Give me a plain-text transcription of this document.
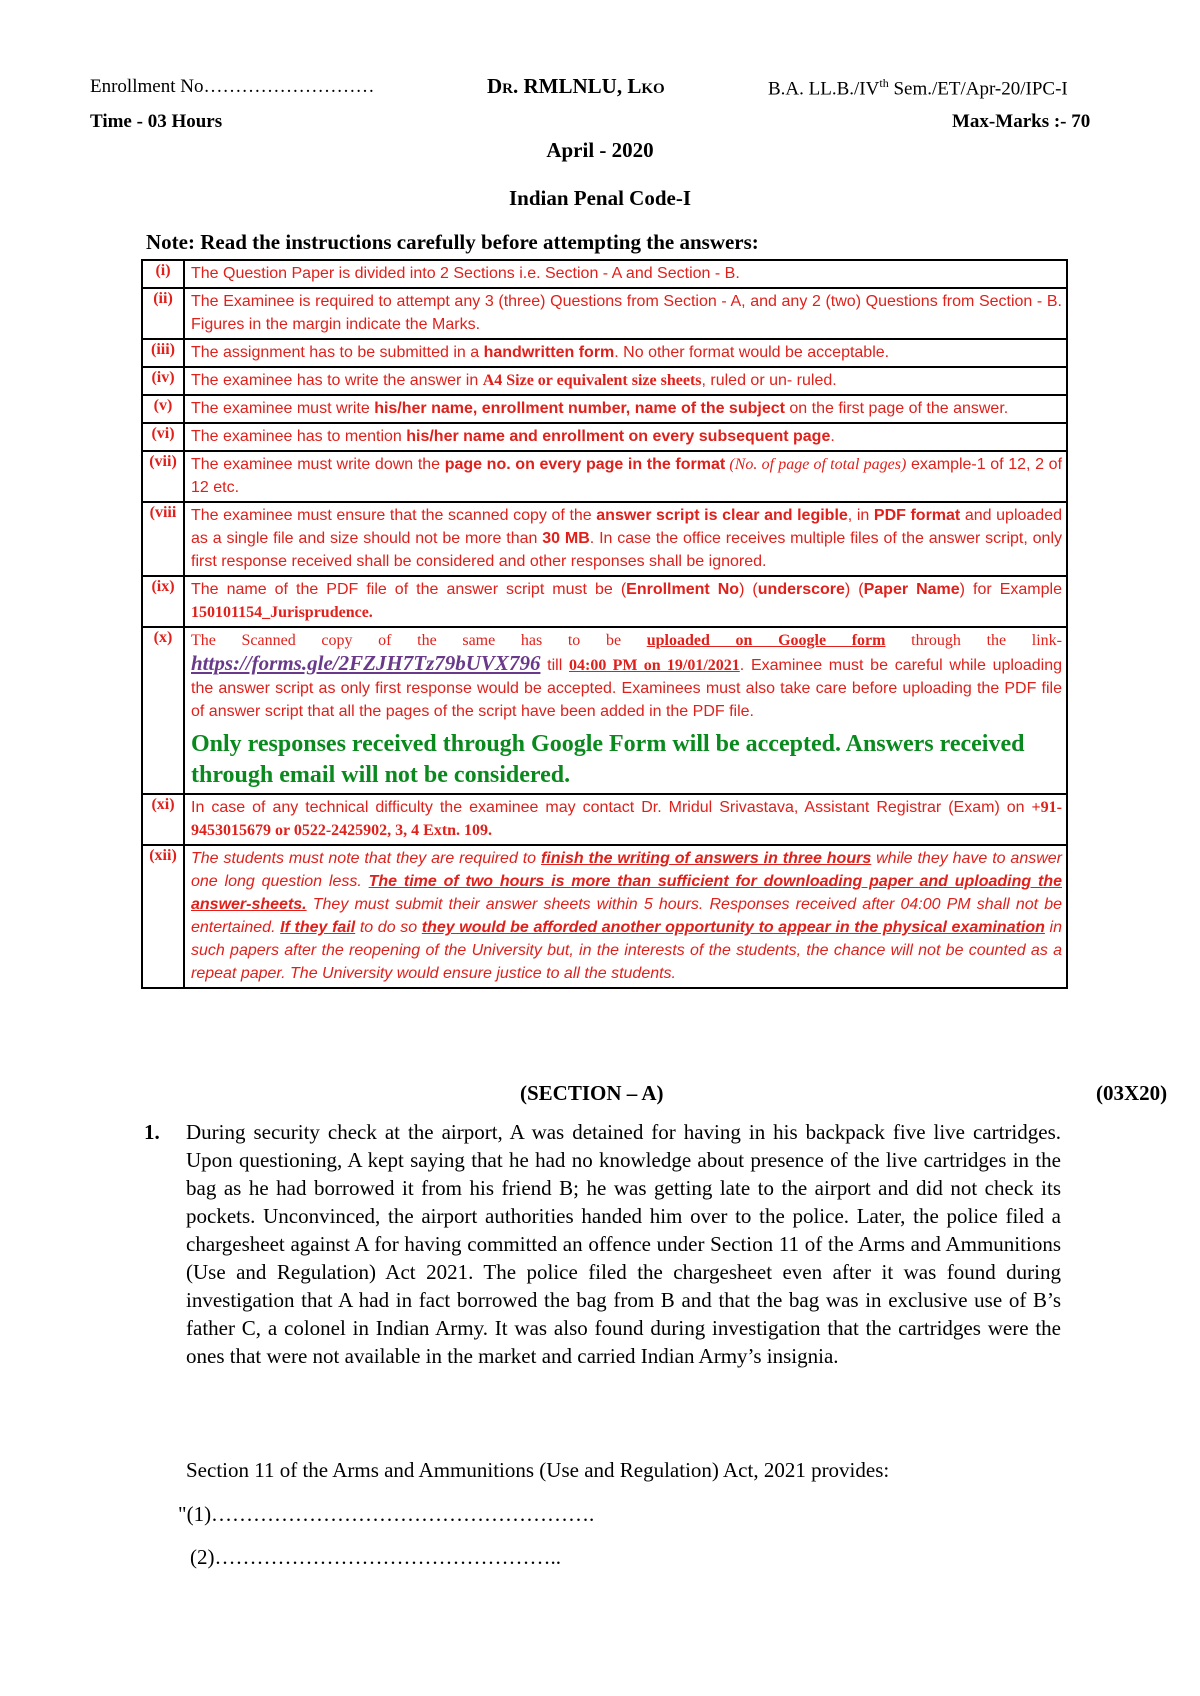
Enrollment No………………………	Dr. RMLNLU, Lko	B.A. LL.B./IVth Sem./ET/Apr-20/IPC-I
Time - 03 Hours	Max-Marks :- 70
April - 2020
Indian Penal Code-I
Note: Read the instructions carefully before attempting the answers:
(i)	The Question Paper is divided into 2 Sections i.e. Section - A and Section - B.
(ii)	The Examinee is required to attempt any 3 (three) Questions from Section - A, and any 2 (two) Questions from Section - B. Figures in the margin indicate the Marks.
(iii)	The assignment has to be submitted in a handwritten form. No other format would be acceptable.
(iv)	The examinee has to write the answer in A4 Size or equivalent size sheets, ruled or un- ruled.
(v)	The examinee must write his/her name, enrollment number, name of the subject on the first page of the answer.
(vi)	The examinee has to mention his/her name and enrollment on every subsequent page.
(vii)	The examinee must write down the page no. on every page in the format (No. of page of total pages) example-1 of 12, 2 of 12 etc.
(viii	The examinee must ensure that the scanned copy of the answer script is clear and legible, in PDF format and uploaded as a single file and size should not be more than 30 MB. In case the office receives multiple files of the answer script, only first response received shall be considered and other responses shall be ignored.
(ix)	The name of the PDF file of the answer script must be (Enrollment No) (underscore) (Paper Name) for Example 150101154_Jurisprudence.
(x)	The Scanned copy of the same has to be uploaded on Google form through the link- https://forms.gle/2FZJH7Tz79bUVX796 till 04:00 PM on 19/01/2021. Examinee must be careful while uploading the answer script as only first response would be accepted. Examinees must also take care before uploading the PDF file of answer script that all the pages of the script have been added in the PDF file.
Only responses received through Google Form will be accepted. Answers received through email will not be considered.

(xi)	In case of any technical difficulty the examinee may contact Dr. Mridul Srivastava, Assistant Registrar (Exam) on +91-9453015679 or 0522-2425902, 3, 4 Extn. 109.
(xii)	The students must note that they are required to finish the writing of answers in three hours while they have to answer one long question less. The time of two hours is more than sufficient for downloading paper and uploading the answer-sheets. They must submit their answer sheets within 5 hours. Responses received after 04:00 PM shall not be entertained. If they fail to do so they would be afforded another opportunity to appear in the physical examination in such papers after the reopening of the University but, in the interests of the students, the chance will not be counted as a repeat paper. The University would ensure justice to all the students.
(SECTION – A)	(03X20)
1. During security check at the airport, A was detained for having in his backpack five live cartridges. Upon questioning, A kept saying that he had no knowledge about presence of the live cartridges in the bag as he had borrowed it from his friend B; he was getting late to the airport and did not check its pockets. Unconvinced, the airport authorities handed him over to the police. Later, the police filed a chargesheet against A for having committed an offence under Section 11 of the Arms and Ammunitions (Use and Regulation) Act 2021. The police filed the chargesheet even after it was found during investigation that A had in fact borrowed the bag from B and that the bag was in exclusive use of B’s father C, a colonel in Indian Army. It was also found during investigation that the cartridges were the ones that were not available in the market and carried Indian Army’s insignia.
Section 11 of the Arms and Ammunitions (Use and Regulation) Act, 2021 provides:
"(1)……………………………………………….
(2)…………………………………………..
